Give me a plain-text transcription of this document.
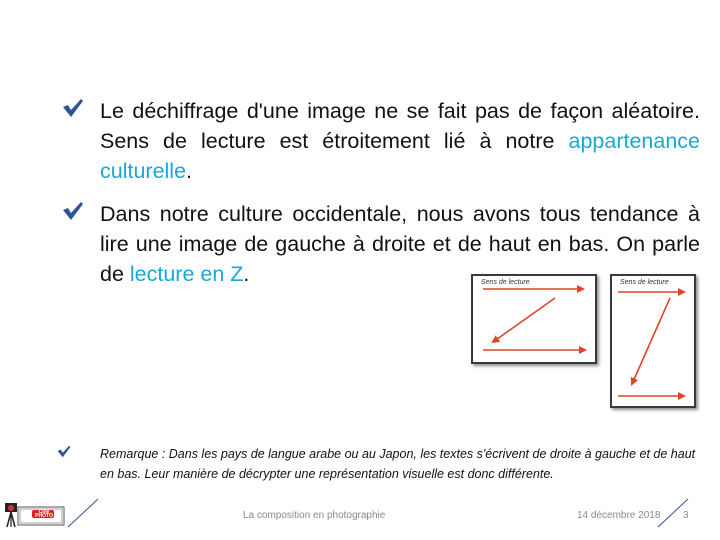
Le déchiffrage d'une image ne se fait pas de façon aléatoire. Sens de lecture est étroitement lié à notre appartenance culturelle.
Dans notre culture occidentale, nous avons tous tendance à lire une image de gauche à droite et de haut en bas. On parle de lecture en Z.	Sens de lecture	Sens de lecture
Remarque : Dans les pays de langue arabe ou au Japon, les textes s'écrivent de droite à gauche et de haut en bas. Leur manière de décrypter une représentation visuelle est donc différente.
Ciné PHOTO	La composition en photographie	14 décembre 2018 3
